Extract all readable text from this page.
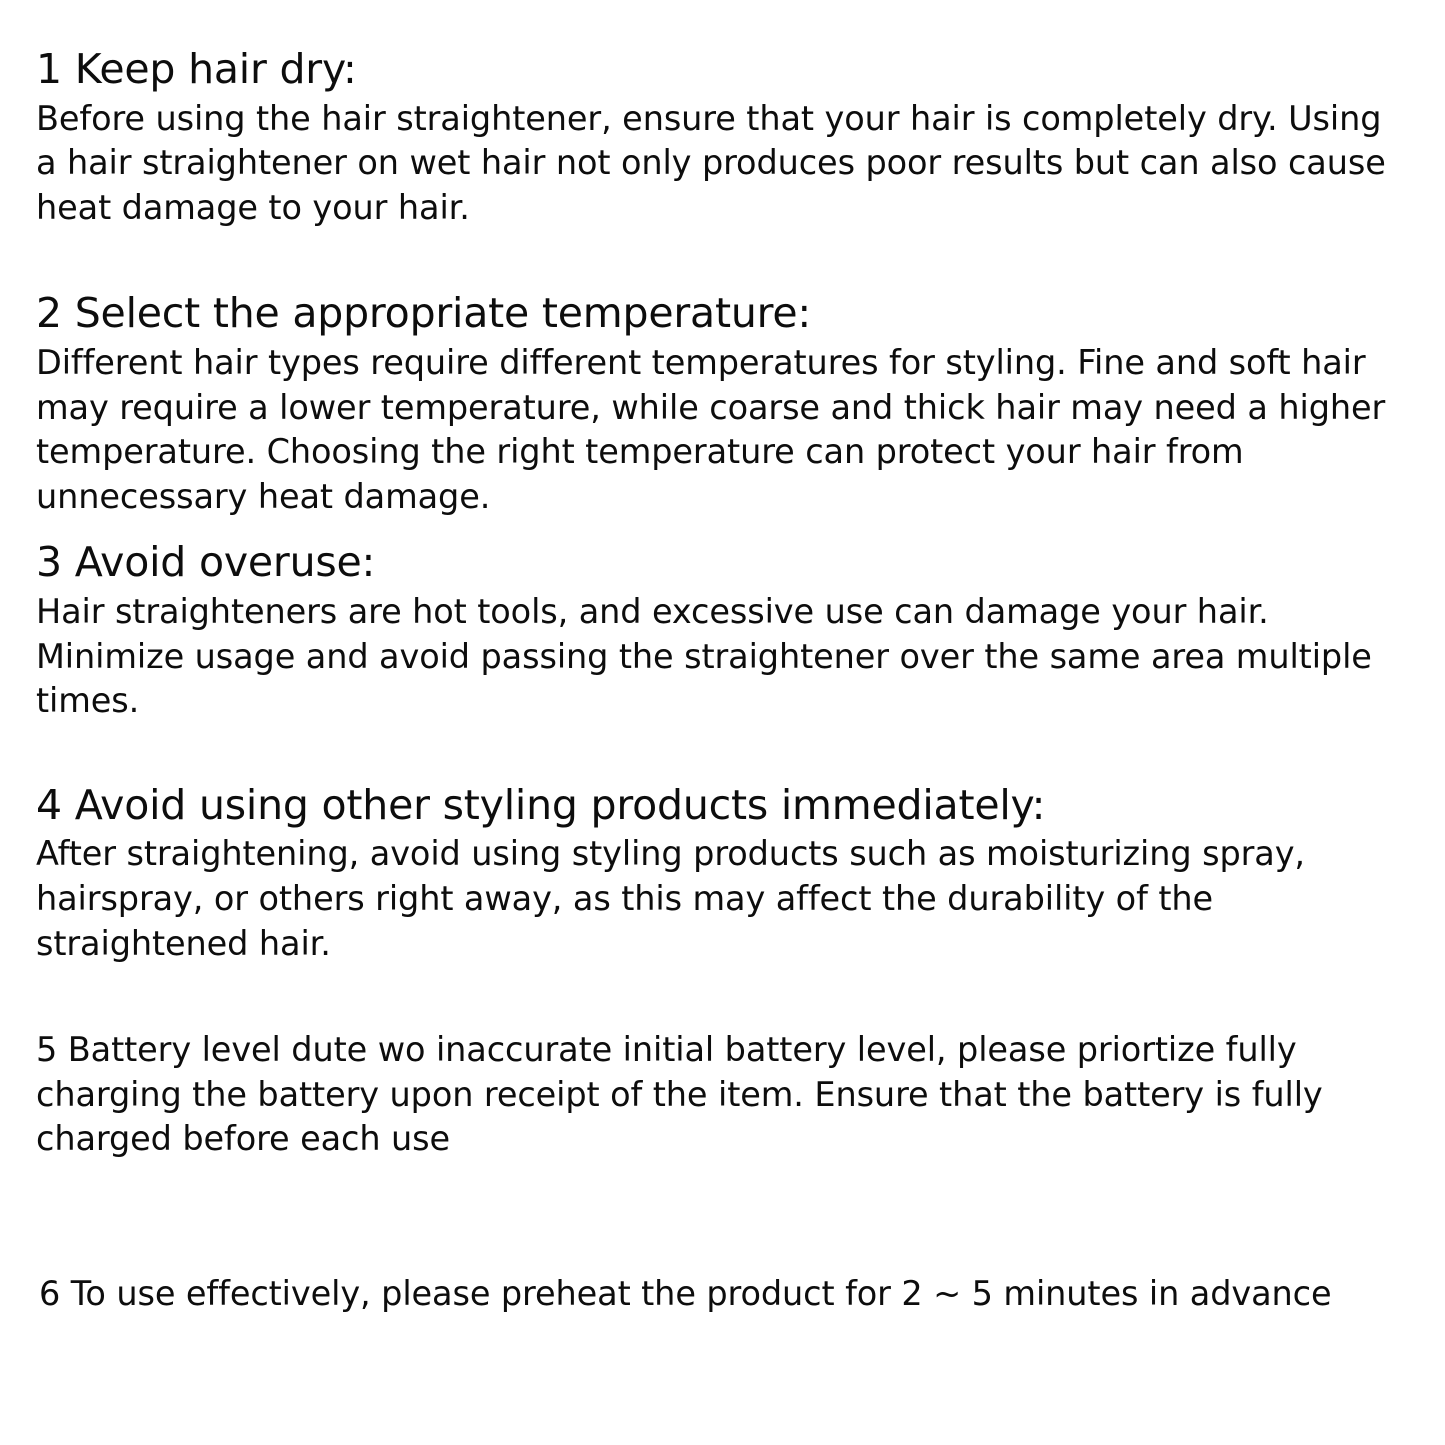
1 Keep hair dry:

Before using the hair straightener, ensure that your hair is completely dry. Using a hair straightener on wet hair not only produces poor results but can also cause heat damage to your hair.

2 Select the appropriate temperature:

Different hair types require different temperatures for styling. Fine and soft hair may require a lower temperature, while coarse and thick hair may need a higher temperature. Choosing the right temperature can protect your hair from unnecessary heat damage.

3 Avoid overuse:

Hair straighteners are hot tools, and excessive use can damage your hair. Minimize usage and avoid passing the straightener over the same area multiple times.

4 Avoid using other styling products immediately:

After straightening, avoid using styling products such as moisturizing spray, hairspray, or others right away, as this may affect the durability of the straightened hair.

5 Battery level dute wo inaccurate initial battery level, please priortize fully charging the battery upon receipt of the item. Ensure that the battery is fully charged before each use

6 To use effectively, please preheat the product for 2 ~ 5 minutes in advance
